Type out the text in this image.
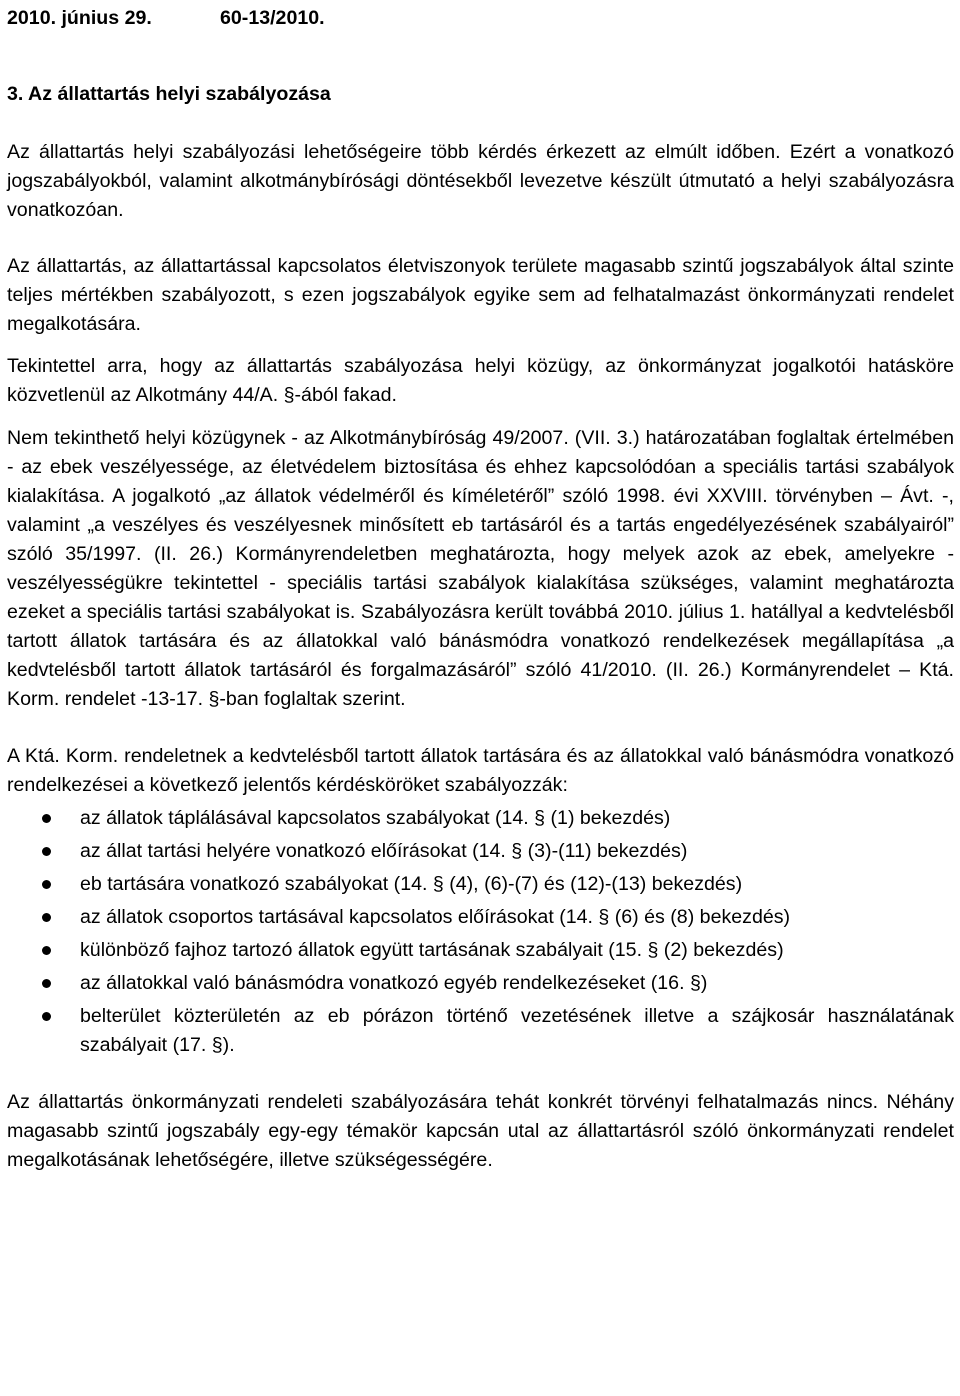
2010. június 29.	60-13/2010.
3. Az állattartás helyi szabályozása

Az állattartás helyi szabályozási lehetőségeire több kérdés érkezett az elmúlt időben. Ezért a vonatkozó jogszabályokból, valamint alkotmánybírósági döntésekből levezetve készült útmutató a helyi szabályozásra vonatkozóan.

Az állattartás, az állattartással kapcsolatos életviszonyok területe magasabb szintű jogszabályok által szinte teljes mértékben szabályozott, s ezen jogszabályok egyike sem ad felhatalmazást önkormányzati rendelet megalkotására.

Tekintettel arra, hogy az állattartás szabályozása helyi közügy, az önkormányzat jogalkotói hatásköre közvetlenül az Alkotmány 44/A. §-ából fakad.

Nem tekinthető helyi közügynek - az Alkotmánybíróság 49/2007. (VII. 3.) határozatában foglaltak értelmében - az ebek veszélyessége, az életvédelem biztosítása és ehhez kapcsolódóan a speciális tartási szabályok kialakítása. A jogalkotó „az állatok védelméről és kíméletéről” szóló 1998. évi XXVIII. törvényben – Ávt. -, valamint „a veszélyes és veszélyesnek minősített eb tartásáról és a tartás engedélyezésének szabályairól” szóló 35/1997. (II. 26.) Kormányrendeletben meghatározta, hogy melyek azok az ebek, amelyekre - veszélyességükre tekintettel - speciális tartási szabályok kialakítása szükséges, valamint meghatározta ezeket a speciális tartási szabályokat is. Szabályozásra került továbbá 2010. július 1. hatállyal a kedvtelésből tartott állatok tartására és az állatokkal való bánásmódra vonatkozó rendelkezések megállapítása „a kedvtelésből tartott állatok tartásáról és forgalmazásáról” szóló 41/2010. (II. 26.) Kormányrendelet – Ktá. Korm. rendelet -13-17. §-ban foglaltak szerint.

A Ktá. Korm. rendeletnek a kedvtelésből tartott állatok tartására és az állatokkal való bánásmódra vonatkozó rendelkezései a következő jelentős kérdésköröket szabályozzák:

az állatok táplálásával kapcsolatos szabályokat (14. § (1) bekezdés)
az állat tartási helyére vonatkozó előírásokat (14. § (3)-(11) bekezdés)
eb tartására vonatkozó szabályokat (14. § (4), (6)-(7) és (12)-(13) bekezdés)
az állatok csoportos tartásával kapcsolatos előírásokat (14. § (6) és (8) bekezdés)
különböző fajhoz tartozó állatok együtt tartásának szabályait (15. § (2) bekezdés)
az állatokkal való bánásmódra vonatkozó egyéb rendelkezéseket (16. §)
belterület közterületén az eb pórázon történő vezetésének illetve a szájkosár használatának szabályait (17. §).

Az állattartás önkormányzati rendeleti szabályozására tehát konkrét törvényi felhatalmazás nincs. Néhány magasabb szintű jogszabály egy-egy témakör kapcsán utal az állattartásról szóló önkormányzati rendelet megalkotásának lehetőségére, illetve szükségességére.
